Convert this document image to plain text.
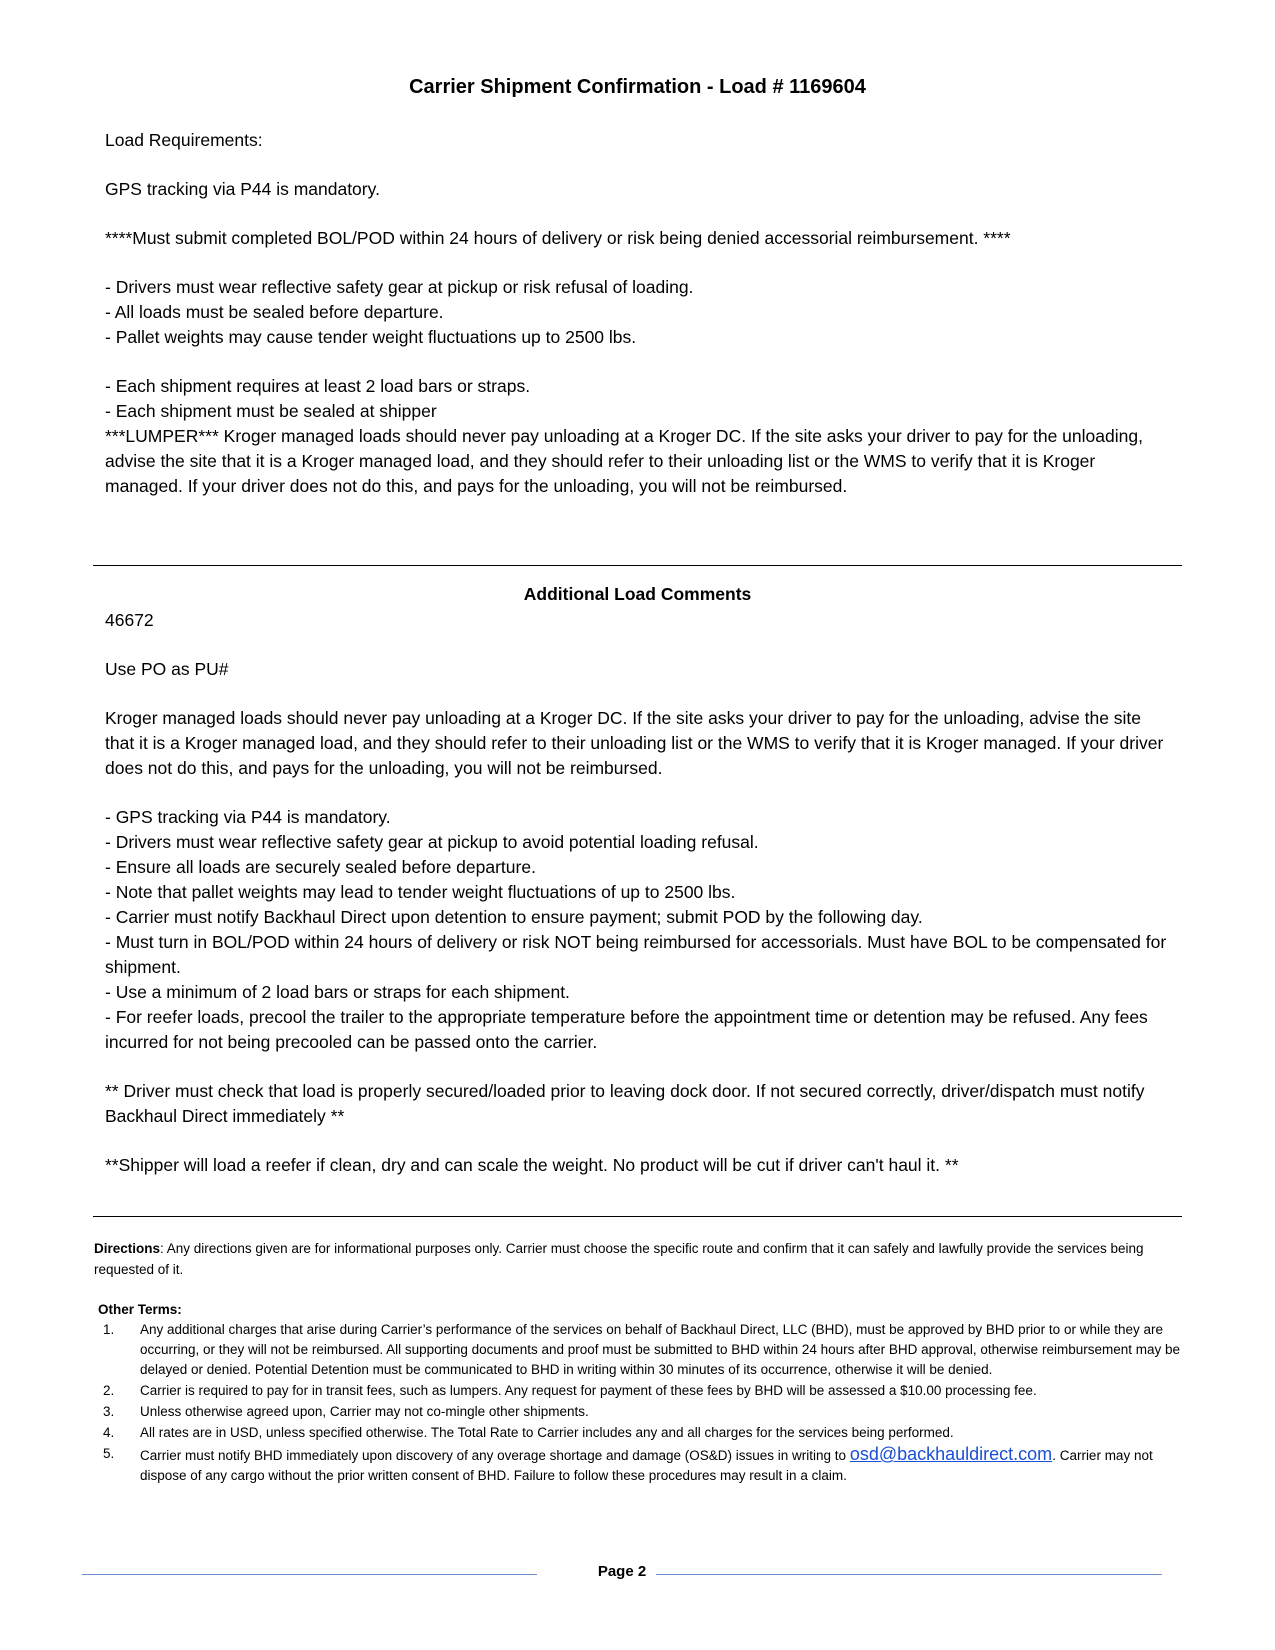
Carrier Shipment Confirmation - Load # 1169604

Load Requirements:

GPS tracking via P44 is mandatory.

****Must submit completed BOL/POD within 24 hours of delivery or risk being denied accessorial reimbursement. ****

- Drivers must wear reflective safety gear at pickup or risk refusal of loading.

- All loads must be sealed before departure.

- Pallet weights may cause tender weight fluctuations up to 2500 lbs.

- Each shipment requires at least 2 load bars or straps.

- Each shipment must be sealed at shipper

***LUMPER*** Kroger managed loads should never pay unloading at a Kroger DC. If the site asks your driver to pay for the unloading, advise the site that it is a Kroger managed load, and they should refer to their unloading list or the WMS to verify that it is Kroger managed. If your driver does not do this, and pays for the unloading, you will not be reimbursed.

Additional Load Comments

46672

Use PO as PU#

Kroger managed loads should never pay unloading at a Kroger DC. If the site asks your driver to pay for the unloading, advise the site that it is a Kroger managed load, and they should refer to their unloading list or the WMS to verify that it is Kroger managed. If your driver does not do this, and pays for the unloading, you will not be reimbursed.

- GPS tracking via P44 is mandatory.

- Drivers must wear reflective safety gear at pickup to avoid potential loading refusal.

- Ensure all loads are securely sealed before departure.

- Note that pallet weights may lead to tender weight fluctuations of up to 2500 lbs.

- Carrier must notify Backhaul Direct upon detention to ensure payment; submit POD by the following day.

- Must turn in BOL/POD within 24 hours of delivery or risk NOT being reimbursed for accessorials. Must have BOL to be compensated for shipment.

- Use a minimum of 2 load bars or straps for each shipment.

- For reefer loads, precool the trailer to the appropriate temperature before the appointment time or detention may be refused. Any fees incurred for not being precooled can be passed onto the carrier.

** Driver must check that load is properly secured/loaded prior to leaving dock door. If not secured correctly, driver/dispatch must notify Backhaul Direct immediately **

**Shipper will load a reefer if clean, dry and can scale the weight. No product will be cut if driver can't haul it. **

Directions: Any directions given are for informational purposes only. Carrier must choose the specific route and confirm that it can safely and lawfully provide the services being requested of it.
Other Terms:
1. Any additional charges that arise during Carrier’s performance of the services on behalf of Backhaul Direct, LLC (BHD), must be approved by BHD prior to or while they are occurring, or they will not be reimbursed. All supporting documents and proof must be submitted to BHD within 24 hours after BHD approval, otherwise reimbursement may be delayed or denied. Potential Detention must be communicated to BHD in writing within 30 minutes of its occurrence, otherwise it will be denied.
2. Carrier is required to pay for in transit fees, such as lumpers. Any request for payment of these fees by BHD will be assessed a $10.00 processing fee.
3. Unless otherwise agreed upon, Carrier may not co-mingle other shipments.
4. All rates are in USD, unless specified otherwise. The Total Rate to Carrier includes any and all charges for the services being performed.
5. Carrier must notify BHD immediately upon discovery of any overage shortage and damage (OS&D) issues in writing to osd@backhauldirect.com. Carrier may not dispose of any cargo without the prior written consent of BHD. Failure to follow these procedures may result in a claim.
Page 2
